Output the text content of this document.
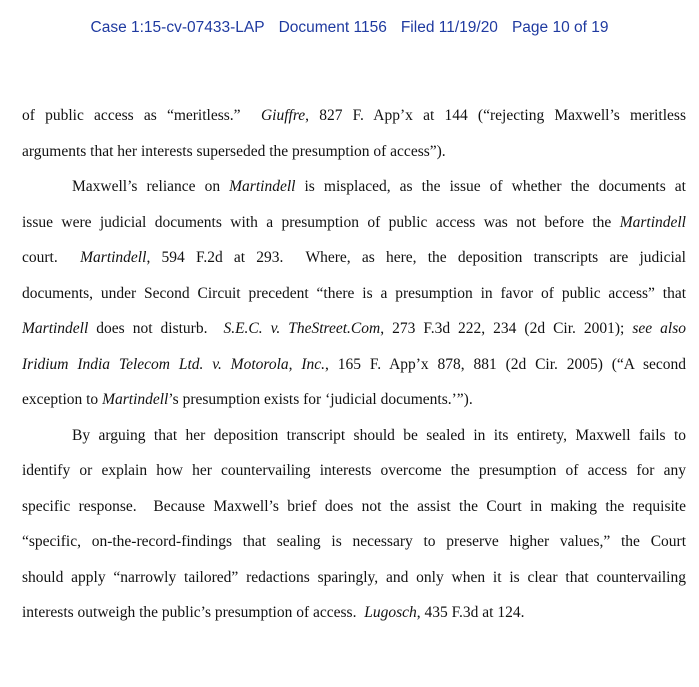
Case 1:15-cv-07433-LAP Document 1156 Filed 11/19/20 Page 10 of 19
of public access as “meritless.”  Giuffre, 827 F. App’x at 144 (“rejecting Maxwell’s meritless
arguments that her interests superseded the presumption of access”).
Maxwell’s reliance on Martindell is misplaced, as the issue of whether the documents at
issue were judicial documents with a presumption of public access was not before the Martindell
court.  Martindell, 594 F.2d at 293.  Where, as here, the deposition transcripts are judicial
documents, under Second Circuit precedent “there is a presumption in favor of public access” that
Martindell does not disturb.  S.E.C. v. TheStreet.Com, 273 F.3d 222, 234 (2d Cir. 2001); see also
Iridium India Telecom Ltd. v. Motorola, Inc., 165 F. App’x 878, 881 (2d Cir. 2005) (“A second
exception to Martindell’s presumption exists for ‘judicial documents.’”).
By arguing that her deposition transcript should be sealed in its entirety, Maxwell fails to
identify or explain how her countervailing interests overcome the presumption of access for any
specific response.  Because Maxwell’s brief does not the assist the Court in making the requisite
“specific, on-the-record-findings that sealing is necessary to preserve higher values,” the Court
should apply “narrowly tailored” redactions sparingly, and only when it is clear that countervailing
interests outweigh the public’s presumption of access.  Lugosch, 435 F.3d at 124.
